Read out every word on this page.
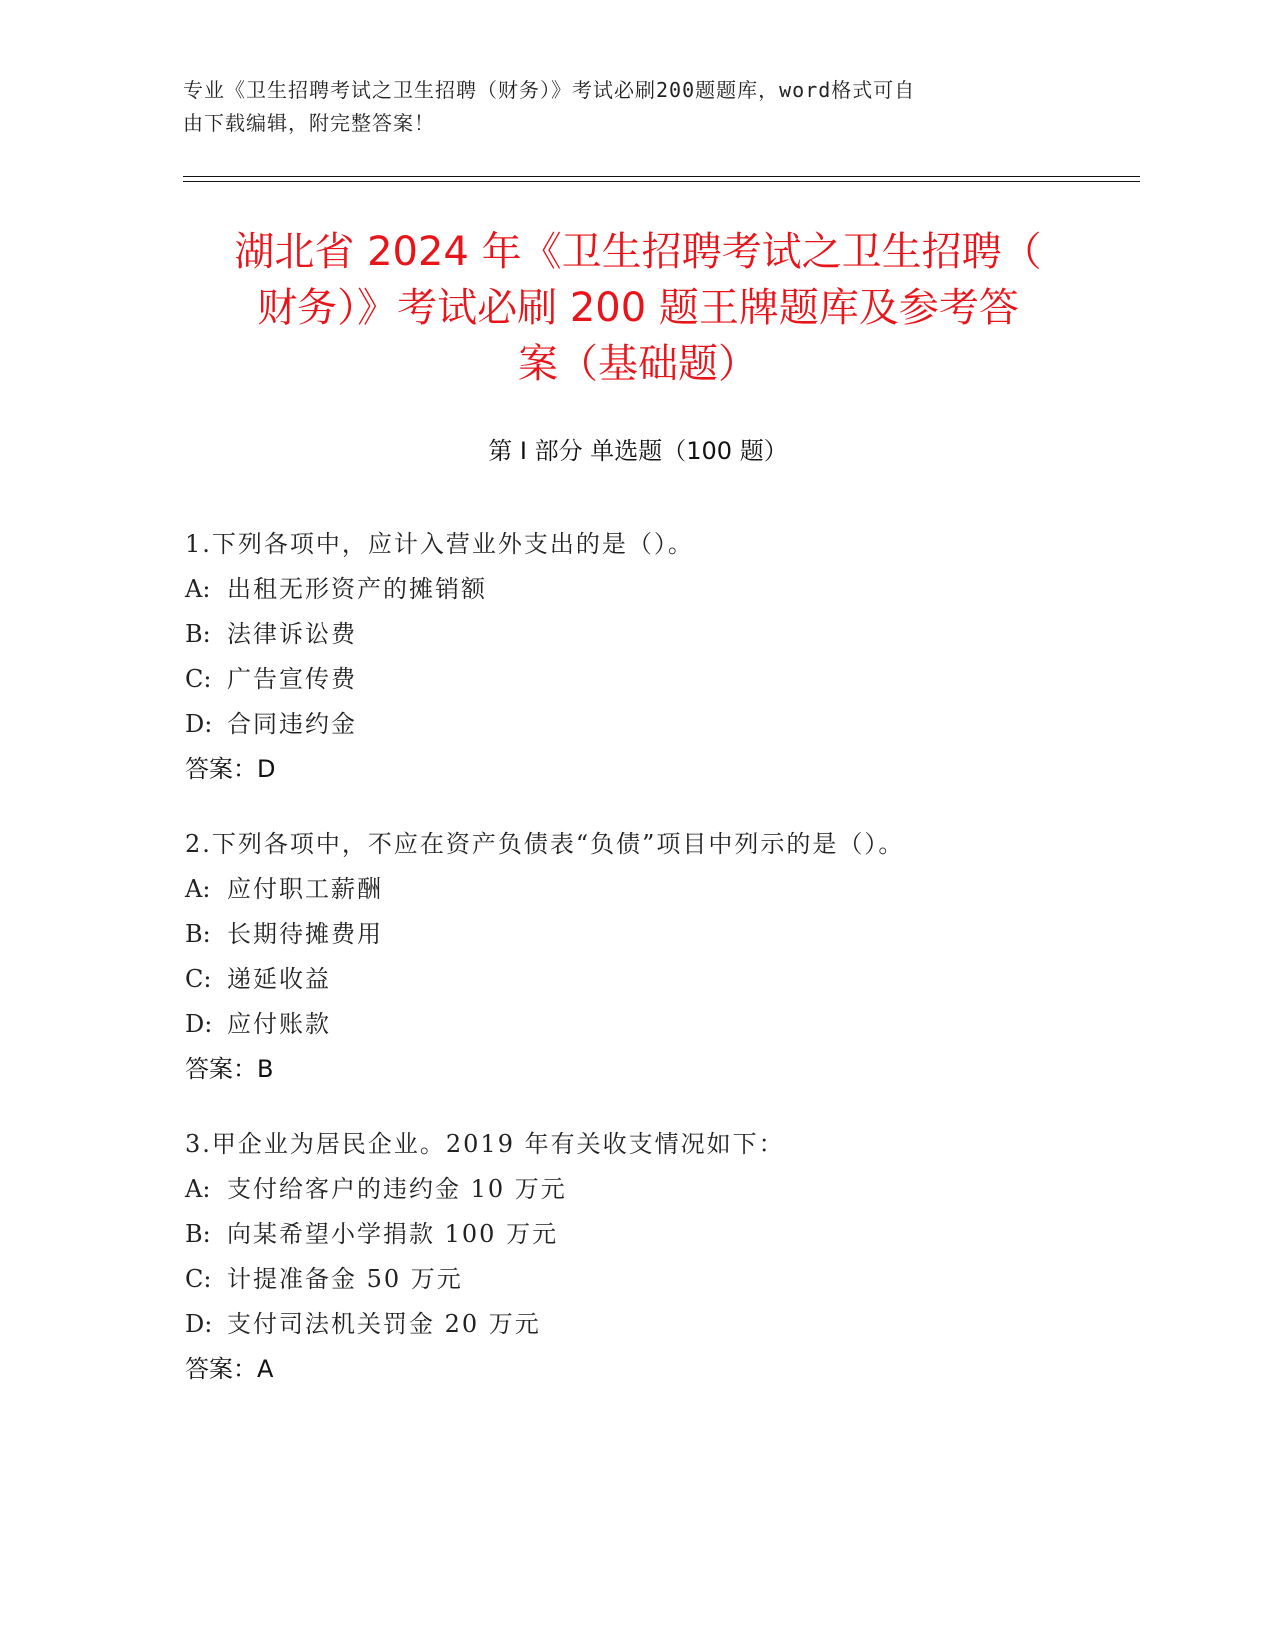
专业《卫生招聘考试之卫生招聘（财务）》考试必刷200题题库，word格式可自
由下载编辑，附完整答案！
湖北省 2024 年《卫生招聘考试之卫生招聘（
财务）》考试必刷 200 题王牌题库及参考答
案（基础题）
第 I 部分 单选题（100 题）
1.下列各项中，应计入营业外支出的是（）。
A: 出租无形资产的摊销额
B: 法律诉讼费
C: 广告宣传费
D: 合同违约金
答案：D
2.下列各项中，不应在资产负债表“负债”项目中列示的是（）。
A: 应付职工薪酬
B: 长期待摊费用
C: 递延收益
D: 应付账款
答案：B
3.甲企业为居民企业。2019 年有关收支情况如下：
A: 支付给客户的违约金 10 万元
B: 向某希望小学捐款 100 万元
C: 计提准备金 50 万元
D: 支付司法机关罚金 20 万元
答案：A
